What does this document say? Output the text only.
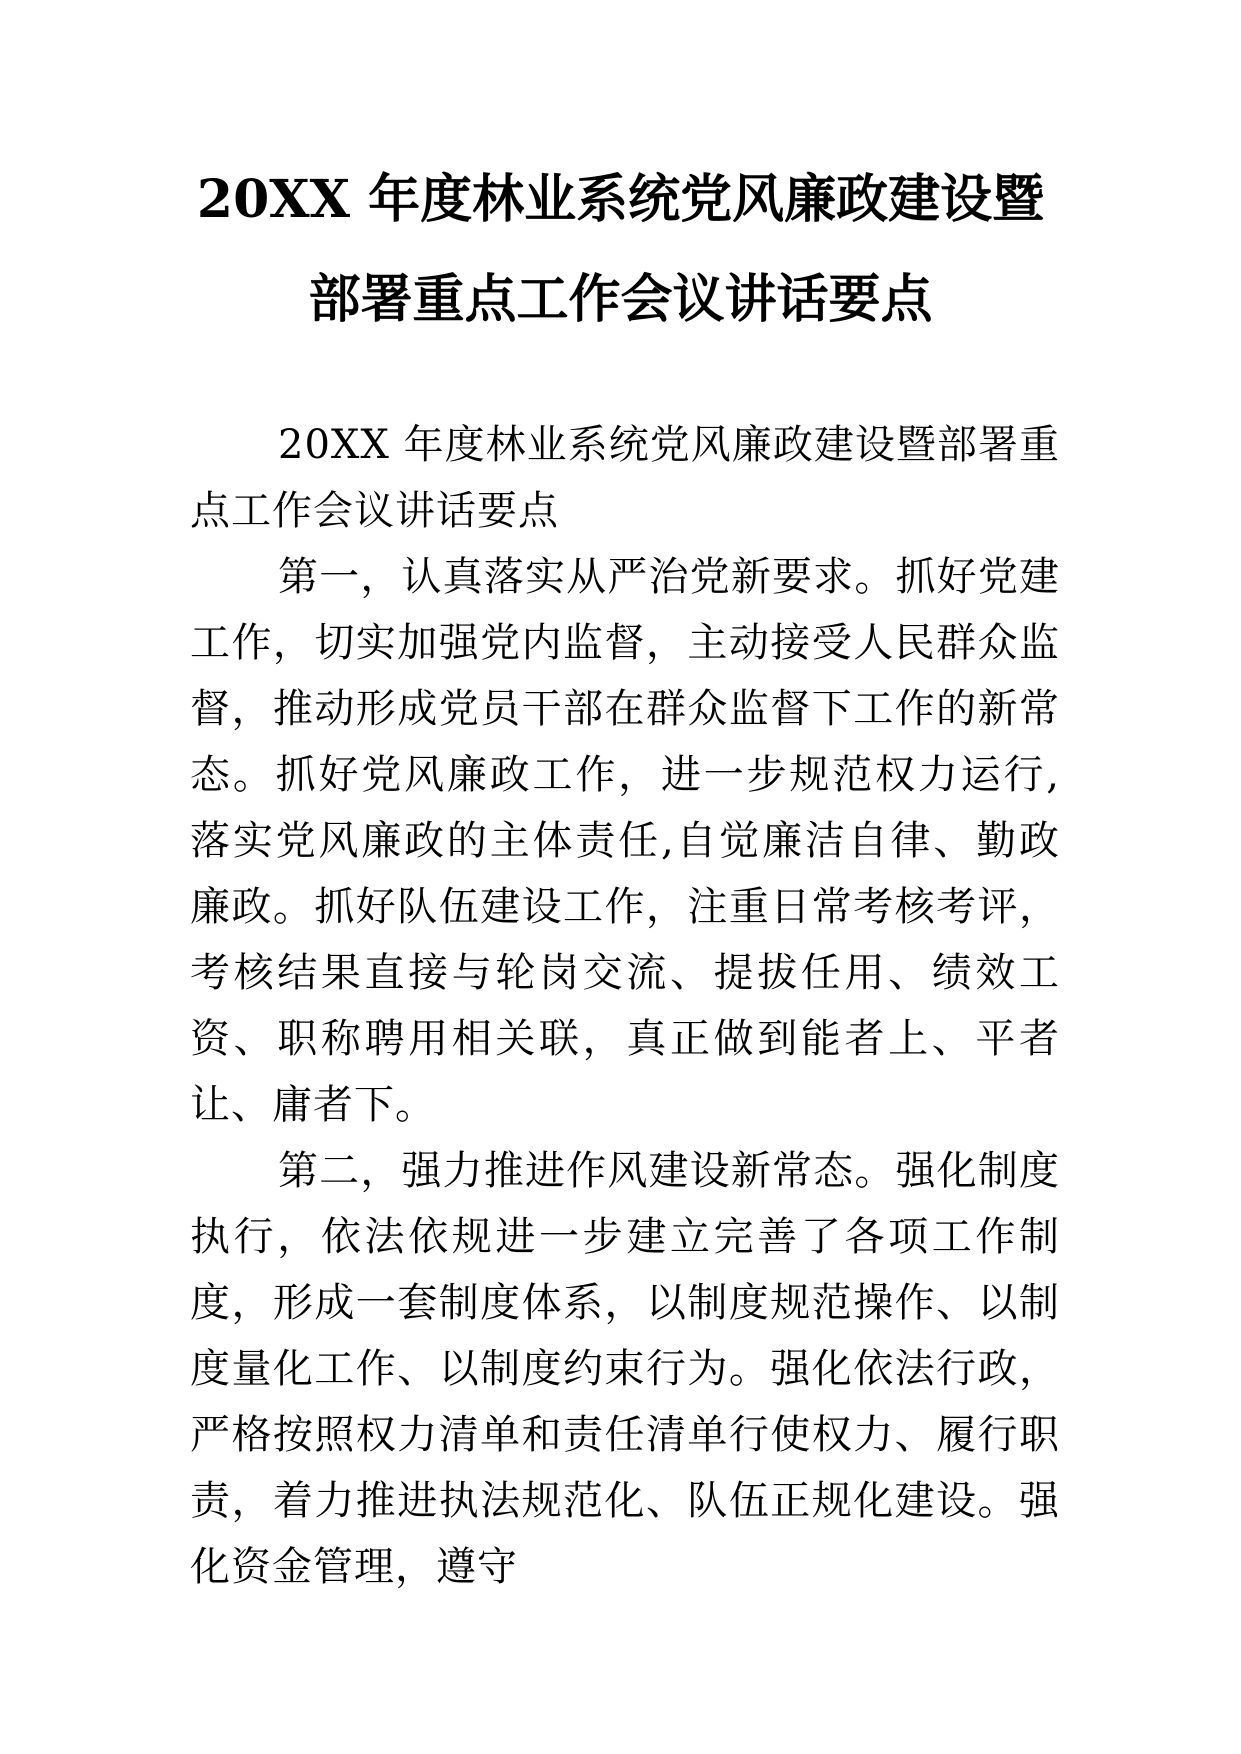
20XX 年度林业系统党风廉政建设暨
部署重点工作会议讲话要点

20XX 年度林业系统党风廉政建设暨部署重点工作会议讲话要点

第一，认真落实从严治党新要求。抓好党建工作，切实加强党内监督，主动接受人民群众监督，推动形成党员干部在群众监督下工作的新常态。抓好党风廉政工作，进一步规范权力运行,落实党风廉政的主体责任,自觉廉洁自律、勤政廉政。抓好队伍建设工作，注重日常考核考评，考核结果直接与轮岗交流、提拔任用、绩效工资、职称聘用相关联，真正做到能者上、平者让、庸者下。

第二，强力推进作风建设新常态。强化制度执行，依法依规进一步建立完善了各项工作制度，形成一套制度体系，以制度规范操作、以制度量化工作、以制度约束行为。强化依法行政，严格按照权力清单和责任清单行使权力、履行职责，着力推进执法规范化、队伍正规化建设。强化资金管理，遵守
